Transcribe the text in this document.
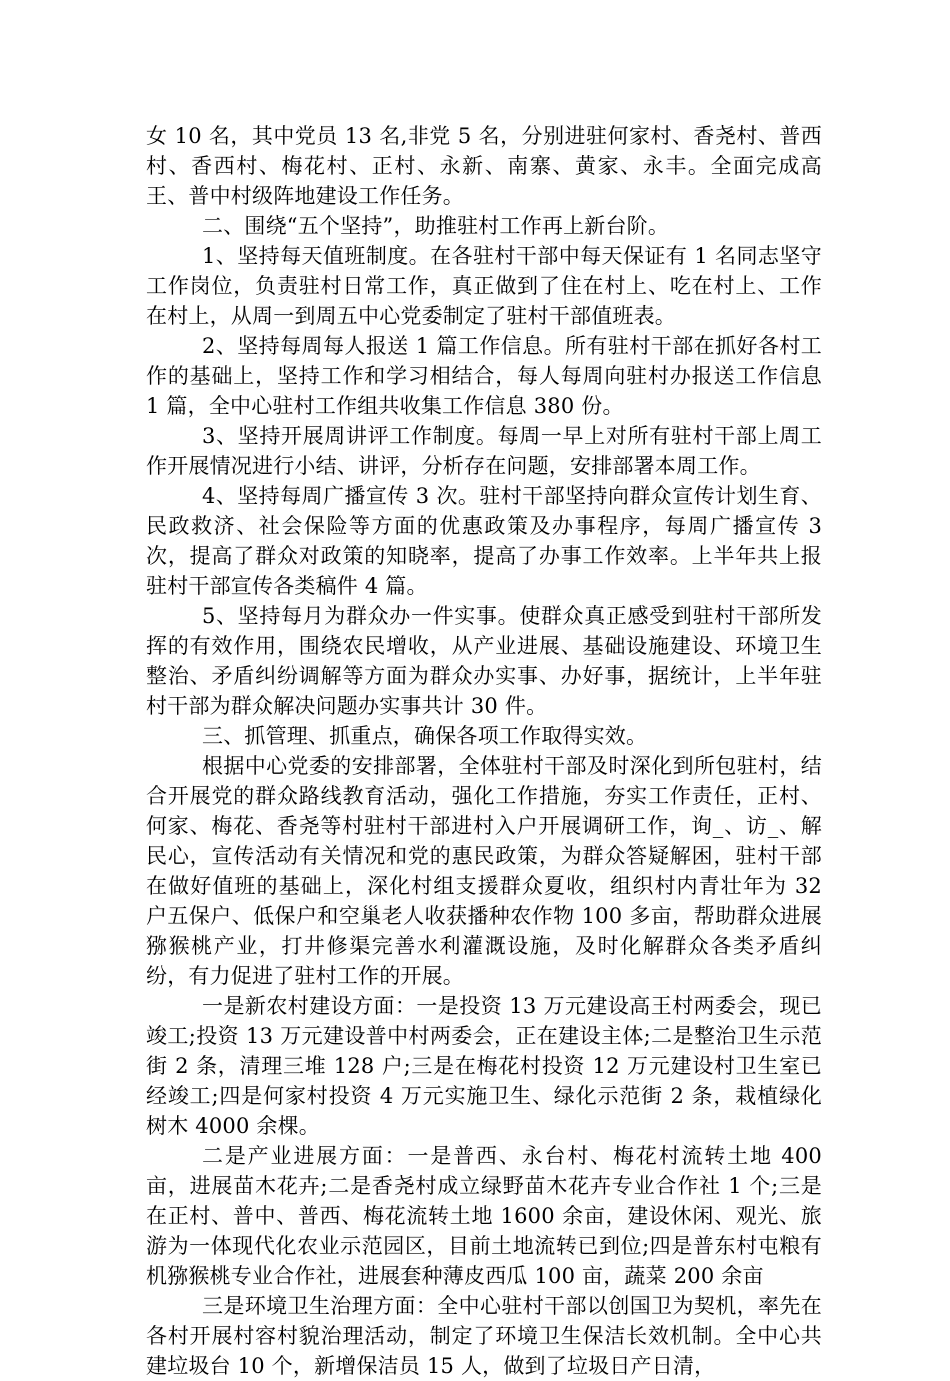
女 10 名，其中党员 13 名,非党 5 名，分别进驻何家村、香尧村、普西村、香西村、梅花村、正村、永新、南寨、黄家、永丰。全面完成高王、普中村级阵地建设工作任务。

二、围绕“五个坚持”，助推驻村工作再上新台阶。

1、坚持每天值班制度。在各驻村干部中每天保证有 1 名同志坚守工作岗位，负责驻村日常工作，真正做到了住在村上、吃在村上、工作在村上，从周一到周五中心党委制定了驻村干部值班表。

2、坚持每周每人报送 1 篇工作信息。所有驻村干部在抓好各村工作的基础上，坚持工作和学习相结合，每人每周向驻村办报送工作信息 1 篇，全中心驻村工作组共收集工作信息 380 份。

3、坚持开展周讲评工作制度。每周一早上对所有驻村干部上周工作开展情况进行小结、讲评，分析存在问题，安排部署本周工作。

4、坚持每周广播宣传 3 次。驻村干部坚持向群众宣传计划生育、民政救济、社会保险等方面的优惠政策及办事程序，每周广播宣传 3 次，提高了群众对政策的知晓率，提高了办事工作效率。上半年共上报驻村干部宣传各类稿件 4 篇。

5、坚持每月为群众办一件实事。使群众真正感受到驻村干部所发挥的有效作用，围绕农民增收，从产业进展、基础设施建设、环境卫生整治、矛盾纠纷调解等方面为群众办实事、办好事，据统计，上半年驻村干部为群众解决问题办实事共计 30 件。

三、抓管理、抓重点，确保各项工作取得实效。

根据中心党委的安排部署，全体驻村干部及时深化到所包驻村，结合开展党的群众路线教育活动，强化工作措施，夯实工作责任，正村、何家、梅花、香尧等村驻村干部进村入户开展调研工作，询_、访_、解民心，宣传活动有关情况和党的惠民政策，为群众答疑解困，驻村干部在做好值班的基础上，深化村组支援群众夏收，组织村内青壮年为 32 户五保户、低保户和空巢老人收获播种农作物 100 多亩，帮助群众进展猕猴桃产业，打井修渠完善水利灌溉设施，及时化解群众各类矛盾纠纷，有力促进了驻村工作的开展。

一是新农村建设方面：一是投资 13 万元建设高王村两委会，现已竣工;投资 13 万元建设普中村两委会，正在建设主体;二是整治卫生示范街 2 条，清理三堆 128 户;三是在梅花村投资 12 万元建设村卫生室已经竣工;四是何家村投资 4 万元实施卫生、绿化示范街 2 条，栽植绿化树木 4000 余棵。

二是产业进展方面：一是普西、永台村、梅花村流转土地 400 亩，进展苗木花卉;二是香尧村成立绿野苗木花卉专业合作社 1 个;三是在正村、普中、普西、梅花流转土地 1600 余亩，建设休闲、观光、旅游为一体现代化农业示范园区，目前土地流转已到位;四是普东村屯粮有机猕猴桃专业合作社，进展套种薄皮西瓜 100 亩，蔬菜 200 余亩

三是环境卫生治理方面：全中心驻村干部以创国卫为契机，率先在各村开展村容村貌治理活动，制定了环境卫生保洁长效机制。全中心共建垃圾台 10 个，新增保洁员 15 人，做到了垃圾日产日清，
